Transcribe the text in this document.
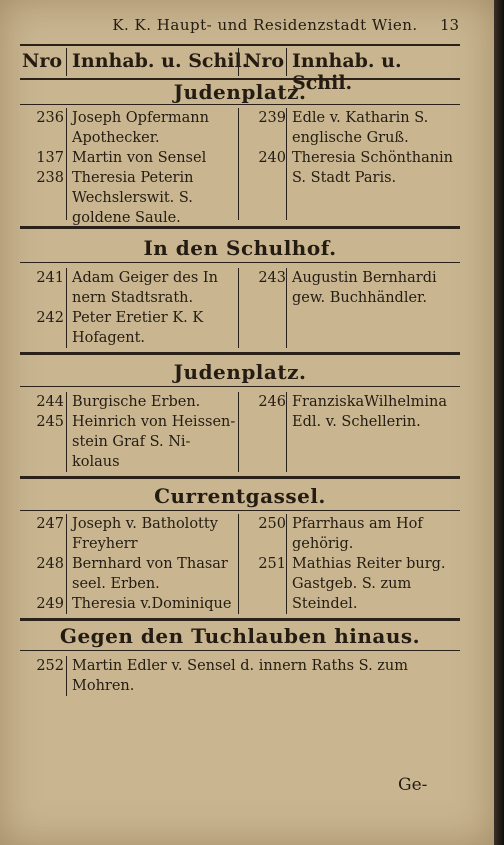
K. K. Haupt- und Residenzstadt Wien.	13
Nro Innhab. u. Schil.
Nro Innhab. u. Schil.
Judenplatz.
236 Joseph Opfermann
Apothecker.
137 Martin von Sensel
238 Theresia Peterin
Wechslerswit. S.
goldene Saule.
239 Edle v. Katharin S.
englische Gruß.
240 Theresia Schönthanin
S. Stadt Paris.
In den Schulhof.
241 Adam Geiger des In
nern Stadtsrath.
242 Peter Eretier K. K
Hofagent.
243 Augustin Bernhardi
gew. Buchhändler.
Judenplatz.
244 Burgische Erben.
245 Heinrich von Heissen-
stein Graf S. Ni-
kolaus
246 FranziskaWilhelmina
Edl. v. Schellerin.
Currentgassel.
247 Joseph v. Batholotty
Freyherr
248 Bernhard von Thasar
seel. Erben.
249 Theresia v.Dominique
250 Pfarrhaus am Hof
gehörig.
251 Mathias Reiter burg.
Gastgeb. S. zum
Steindel.
Gegen den Tuchlauben hinaus.
252 Martin Edler v. Sensel d. innern Raths S. zum
Mohren.
Ge-
